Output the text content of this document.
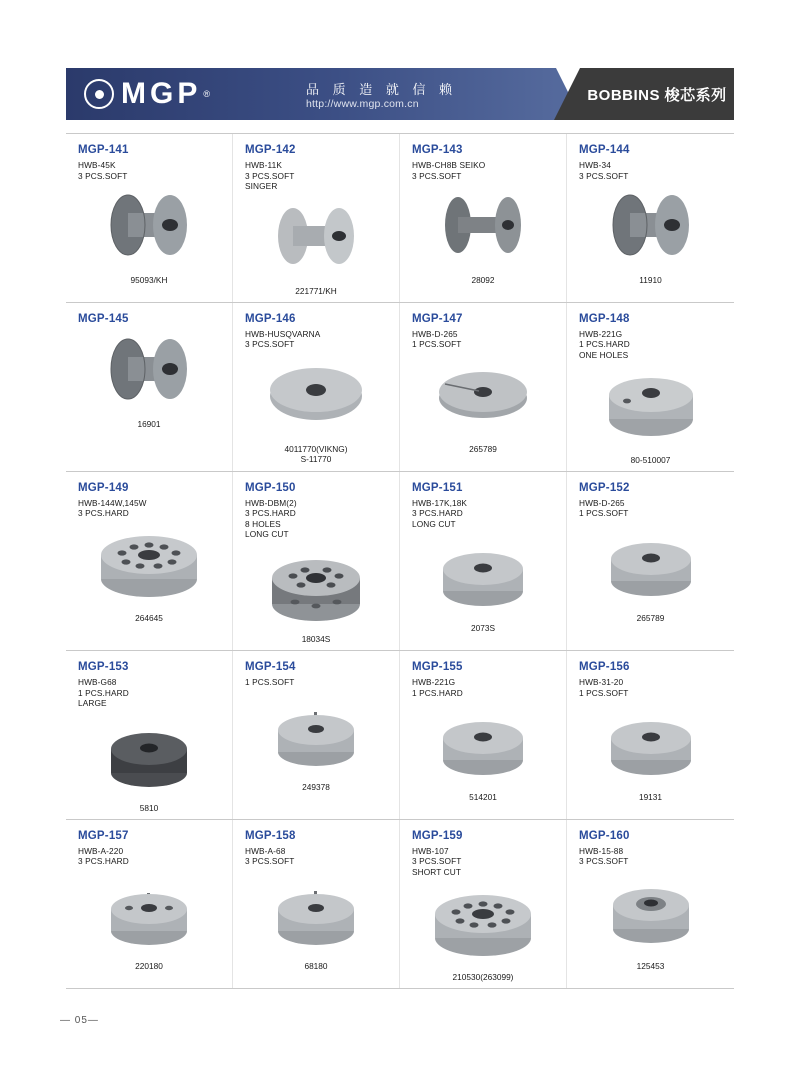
MGP ®	品 质 造 就 信 赖
http://www.mgp.com.cn
BOBBINS 梭芯系列
MGP-141
HWB-45K
3 PCS.SOFT
95093/KH
MGP-142
HWB-11K
3 PCS.SOFT
SINGER
221771/KH
MGP-143
HWB-CH8B SEIKO
3 PCS.SOFT
28092
MGP-144
HWB-34
3 PCS.SOFT
11910
MGP-145
16901
MGP-146
HWB-HUSQVARNA
3 PCS.SOFT
4011770(VIKNG)
S-11770
MGP-147
HWB-D-265
1 PCS.SOFT
265789
MGP-148
HWB-221G
1 PCS.HARD
ONE HOLES
80-510007
MGP-149
HWB-144W,145W
3 PCS.HARD
264645
MGP-150
HWB-DBM(2)
3 PCS.HARD
8 HOLES
LONG CUT
18034S
MGP-151
HWB-17K,18K
3 PCS.HARD
LONG CUT
2073S
MGP-152
HWB-D-265
1 PCS.SOFT
265789
MGP-153
HWB-G68
1 PCS.HARD
LARGE
5810
MGP-154
1 PCS.SOFT
249378
MGP-155
HWB-221G
1 PCS.HARD
514201
MGP-156
HWB-31-20
1 PCS.SOFT
19131
MGP-157
HWB-A-220
3 PCS.HARD
220180
MGP-158
HWB-A-68
3 PCS.SOFT
68180
MGP-159
HWB-107
3 PCS.SOFT
SHORT CUT
210530(263099)
MGP-160
HWB-15-88
3 PCS.SOFT
125453
— 05—
